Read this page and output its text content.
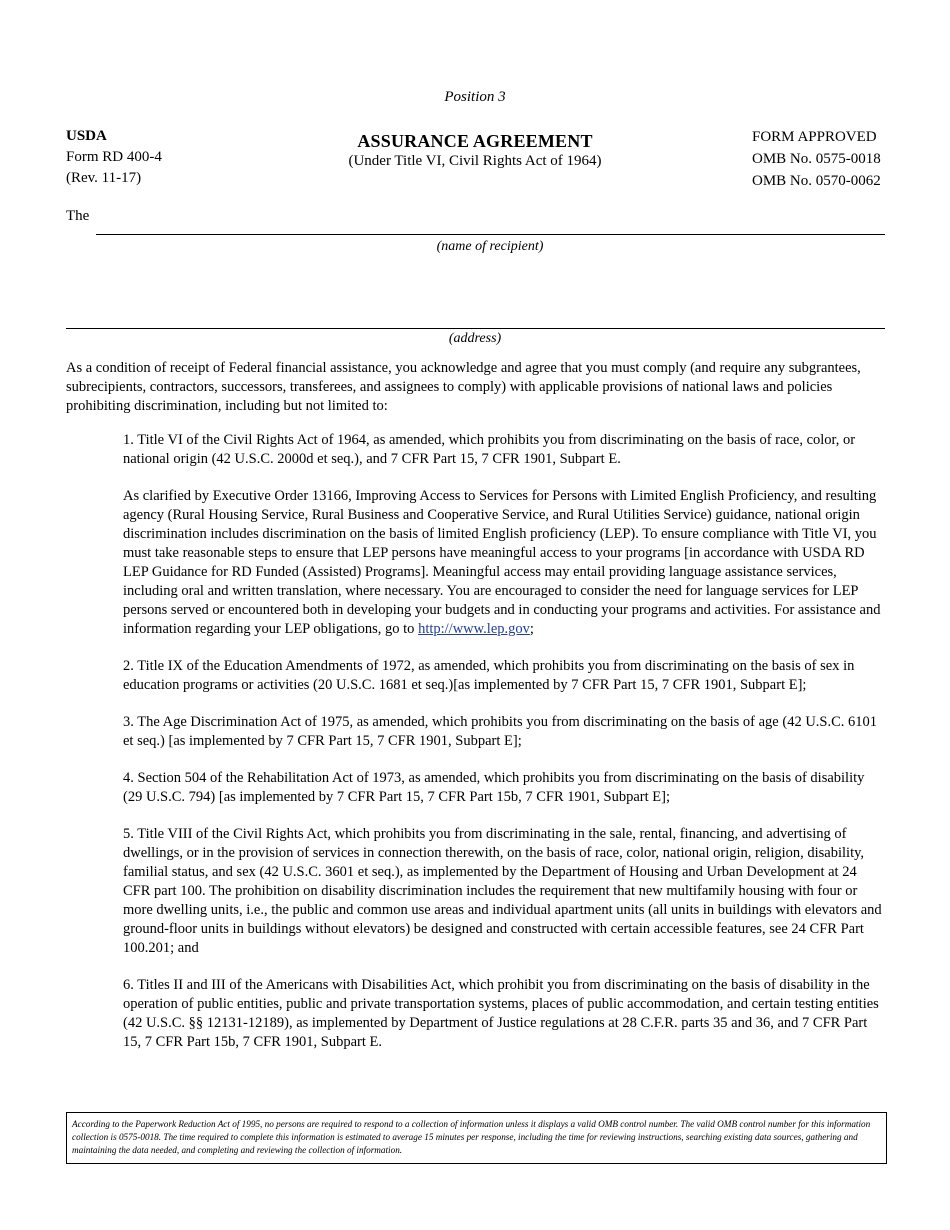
Position 3
USDA
Form RD 400-4
(Rev. 11-17)
ASSURANCE AGREEMENT
(Under Title VI, Civil Rights Act of 1964)
FORM APPROVED
OMB No. 0575-0018
OMB No. 0570-0062
The
(name of recipient)
(address)
As a condition of receipt of Federal financial assistance, you acknowledge and agree that you must comply (and require any subgrantees, subrecipients, contractors, successors, transferees, and assignees to comply) with applicable provisions of national laws and policies prohibiting discrimination, including but not limited to:

1. Title VI of the Civil Rights Act of 1964, as amended, which prohibits you from discriminating on the basis of race, color, or national origin (42 U.S.C. 2000d et seq.), and 7 CFR Part 15, 7 CFR 1901, Subpart E.

As clarified by Executive Order 13166, Improving Access to Services for Persons with Limited English Proficiency, and resulting agency (Rural Housing Service, Rural Business and Cooperative Service, and Rural Utilities Service) guidance, national origin discrimination includes discrimination on the basis of limited English proficiency (LEP). To ensure compliance with Title VI, you must take reasonable steps to ensure that LEP persons have meaningful access to your programs [in accordance with USDA RD LEP Guidance for RD Funded (Assisted) Programs]. Meaningful access may entail providing language assistance services, including oral and written translation, where necessary. You are encouraged to consider the need for language services for LEP persons served or encountered both in developing your budgets and in conducting your programs and activities. For assistance and information regarding your LEP obligations, go to http://www.lep.gov;

2. Title IX of the Education Amendments of 1972, as amended, which prohibits you from discriminating on the basis of sex in education programs or activities (20 U.S.C. 1681 et seq.)[as implemented by 7 CFR Part 15, 7 CFR 1901, Subpart E];

3. The Age Discrimination Act of 1975, as amended, which prohibits you from discriminating on the basis of age (42 U.S.C. 6101 et seq.) [as implemented by 7 CFR Part 15, 7 CFR 1901, Subpart E];

4. Section 504 of the Rehabilitation Act of 1973, as amended, which prohibits you from discriminating on the basis of disability (29 U.S.C. 794) [as implemented by 7 CFR Part 15, 7 CFR Part 15b, 7 CFR 1901, Subpart E];

5. Title VIII of the Civil Rights Act, which prohibits you from discriminating in the sale, rental, financing, and advertising of dwellings, or in the provision of services in connection therewith, on the basis of race, color, national origin, religion, disability, familial status, and sex (42 U.S.C. 3601 et seq.), as implemented by the Department of Housing and Urban Development at 24 CFR part 100. The prohibition on disability discrimination includes the requirement that new multifamily housing with four or more dwelling units, i.e., the public and common use areas and individual apartment units (all units in buildings with elevators and ground-floor units in buildings without elevators) be designed and constructed with certain accessible features, see 24 CFR Part 100.201; and

6. Titles II and III of the Americans with Disabilities Act, which prohibit you from discriminating on the basis of disability in the operation of public entities, public and private transportation systems, places of public accommodation, and certain testing entities (42 U.S.C. §§ 12131-12189), as implemented by Department of Justice regulations at 28 C.F.R. parts 35 and 36, and 7 CFR Part 15, 7 CFR Part 15b, 7 CFR 1901, Subpart E.

According to the Paperwork Reduction Act of 1995, no persons are required to respond to a collection of information unless it displays a valid OMB control number. The valid OMB control number for this information collection is 0575-0018. The time required to complete this information is estimated to average 15 minutes per response, including the time for reviewing instructions, searching existing data sources, gathering and maintaining the data needed, and completing and reviewing the collection of information.
